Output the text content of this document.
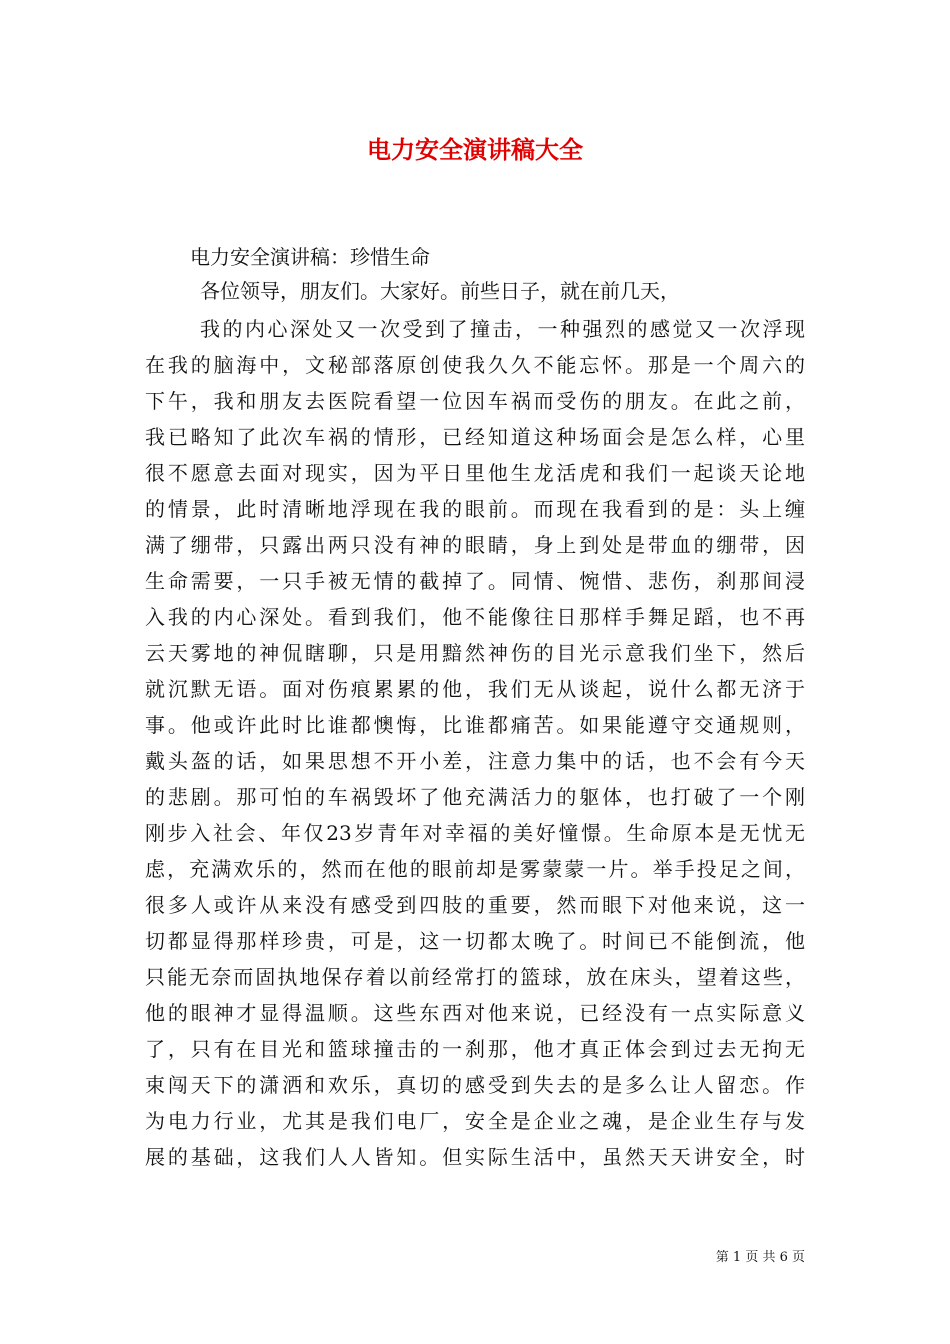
电力安全演讲稿大全
电力安全演讲稿：珍惜生命
各位领导，朋友们。大家好。前些日子，就在前几天，
我的内心深处又一次受到了撞击，一种强烈的感觉又一次浮现
在我的脑海中，文秘部落原创使我久久不能忘怀。那是一个周六的
下午，我和朋友去医院看望一位因车祸而受伤的朋友。在此之前，
我已略知了此次车祸的情形，已经知道这种场面会是怎么样，心里
很不愿意去面对现实，因为平日里他生龙活虎和我们一起谈天论地
的情景，此时清晰地浮现在我的眼前。而现在我看到的是：头上缠
满了绷带，只露出两只没有神的眼睛，身上到处是带血的绷带，因
生命需要，一只手被无情的截掉了。同情、惋惜、悲伤，刹那间浸
入我的内心深处。看到我们，他不能像往日那样手舞足蹈，也不再
云天雾地的神侃瞎聊，只是用黯然神伤的目光示意我们坐下，然后
就沉默无语。面对伤痕累累的他，我们无从谈起，说什么都无济于
事。他或许此时比谁都懊悔，比谁都痛苦。如果能遵守交通规则，
戴头盔的话，如果思想不开小差，注意力集中的话，也不会有今天
的悲剧。那可怕的车祸毁坏了他充满活力的躯体，也打破了一个刚
刚步入社会、年仅23岁青年对幸福的美好憧憬。生命原本是无忧无
虑，充满欢乐的，然而在他的眼前却是雾蒙蒙一片。举手投足之间，
很多人或许从来没有感受到四肢的重要，然而眼下对他来说，这一
切都显得那样珍贵，可是，这一切都太晚了。时间已不能倒流，他
只能无奈而固执地保存着以前经常打的篮球，放在床头，望着这些，
他的眼神才显得温顺。这些东西对他来说，已经没有一点实际意义
了，只有在目光和篮球撞击的一刹那，他才真正体会到过去无拘无
束闯天下的潇洒和欢乐，真切的感受到失去的是多么让人留恋。作
为电力行业，尤其是我们电厂，安全是企业之魂，是企业生存与发
展的基础，这我们人人皆知。但实际生活中，虽然天天讲安全，时
第 1 页 共 6 页
